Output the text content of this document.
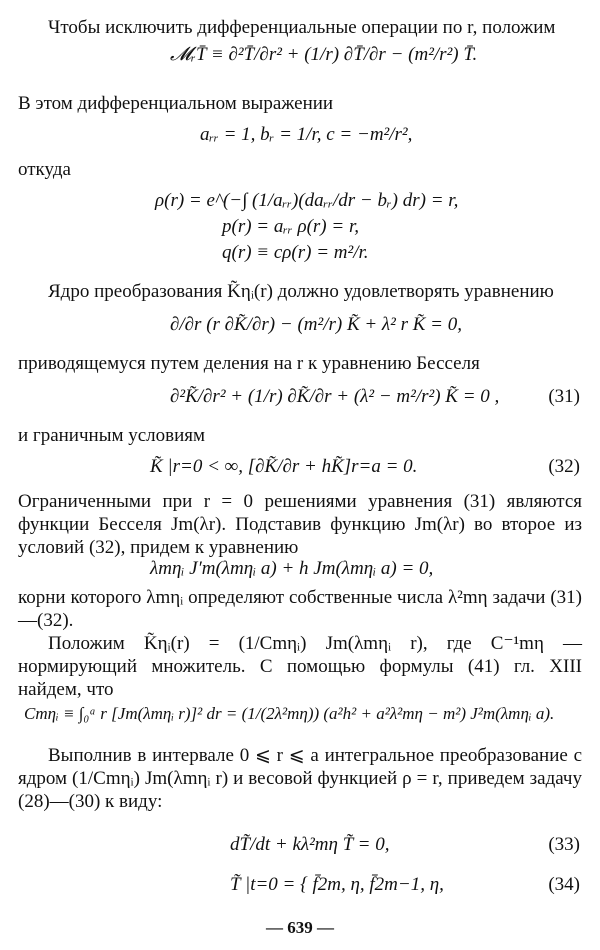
Чтобы исключить дифференциальные операции по r, положим
𝓜ᵣT̄ ≡ ∂²T̄/∂r² + (1/r) ∂T̄/∂r − (m²/r²) T̄.
В этом дифференциальном выражении
aᵣᵣ = 1, bᵣ = 1/r, c = −m²/r²,
откуда
ρ(r) = e^(−∫ (1/aᵣᵣ)(daᵣᵣ/dr − bᵣ) dr) = r,
p(r) = aᵣᵣ ρ(r) = r,
q(r) ≡ cρ(r) = m²/r.
Ядро преобразования K̃ηᵢ(r) должно удовлетворять уравнению
∂/∂r (r ∂K̃/∂r) − (m²/r) K̃ + λ² r K̃ = 0,
приводящемуся путем деления на r к уравнению Бесселя
∂²K̃/∂r² + (1/r) ∂K̃/∂r + (λ² − m²/r²) K̃ = 0 ,	(31)
и граничным условиям
K̃ |r=0 < ∞, [∂K̃/∂r + hK̃]r=a = 0.	(32)
Ограниченными при r = 0 решениями уравнения (31) являются функции Бесселя Jm(λr). Подставив функцию Jm(λr) во второе из условий (32), придем к уравнению
λmηᵢ J′m(λmηᵢ a) + h Jm(λmηᵢ a) = 0,
корни которого λmηᵢ определяют собственные числа λ²mη задачи (31)—(32).
Положим K̃ηᵢ(r) = (1/Cmηᵢ) Jm(λmηᵢ r), где C⁻¹mη — нормирующий множитель. С помощью формулы (41) гл. XIII найдем, что
Cmηᵢ ≡ ∫₀ᵃ r [Jm(λmηᵢ r)]² dr = (1/(2λ²mη)) (a²h² + a²λ²mη − m²) J²m(λmηᵢ a).
Выполнив в интервале 0 ⩽ r ⩽ a интегральное преобразование с ядром (1/Cmηᵢ) Jm(λmηᵢ r) и весовой функцией ρ = r, приведем задачу (28)—(30) к виду:
dT̃/dt + kλ²mη T̃ = 0,	(33)
T̃ |t=0 = { f̄2m, η, f̄2m−1, η,	(34)
— 639 —
